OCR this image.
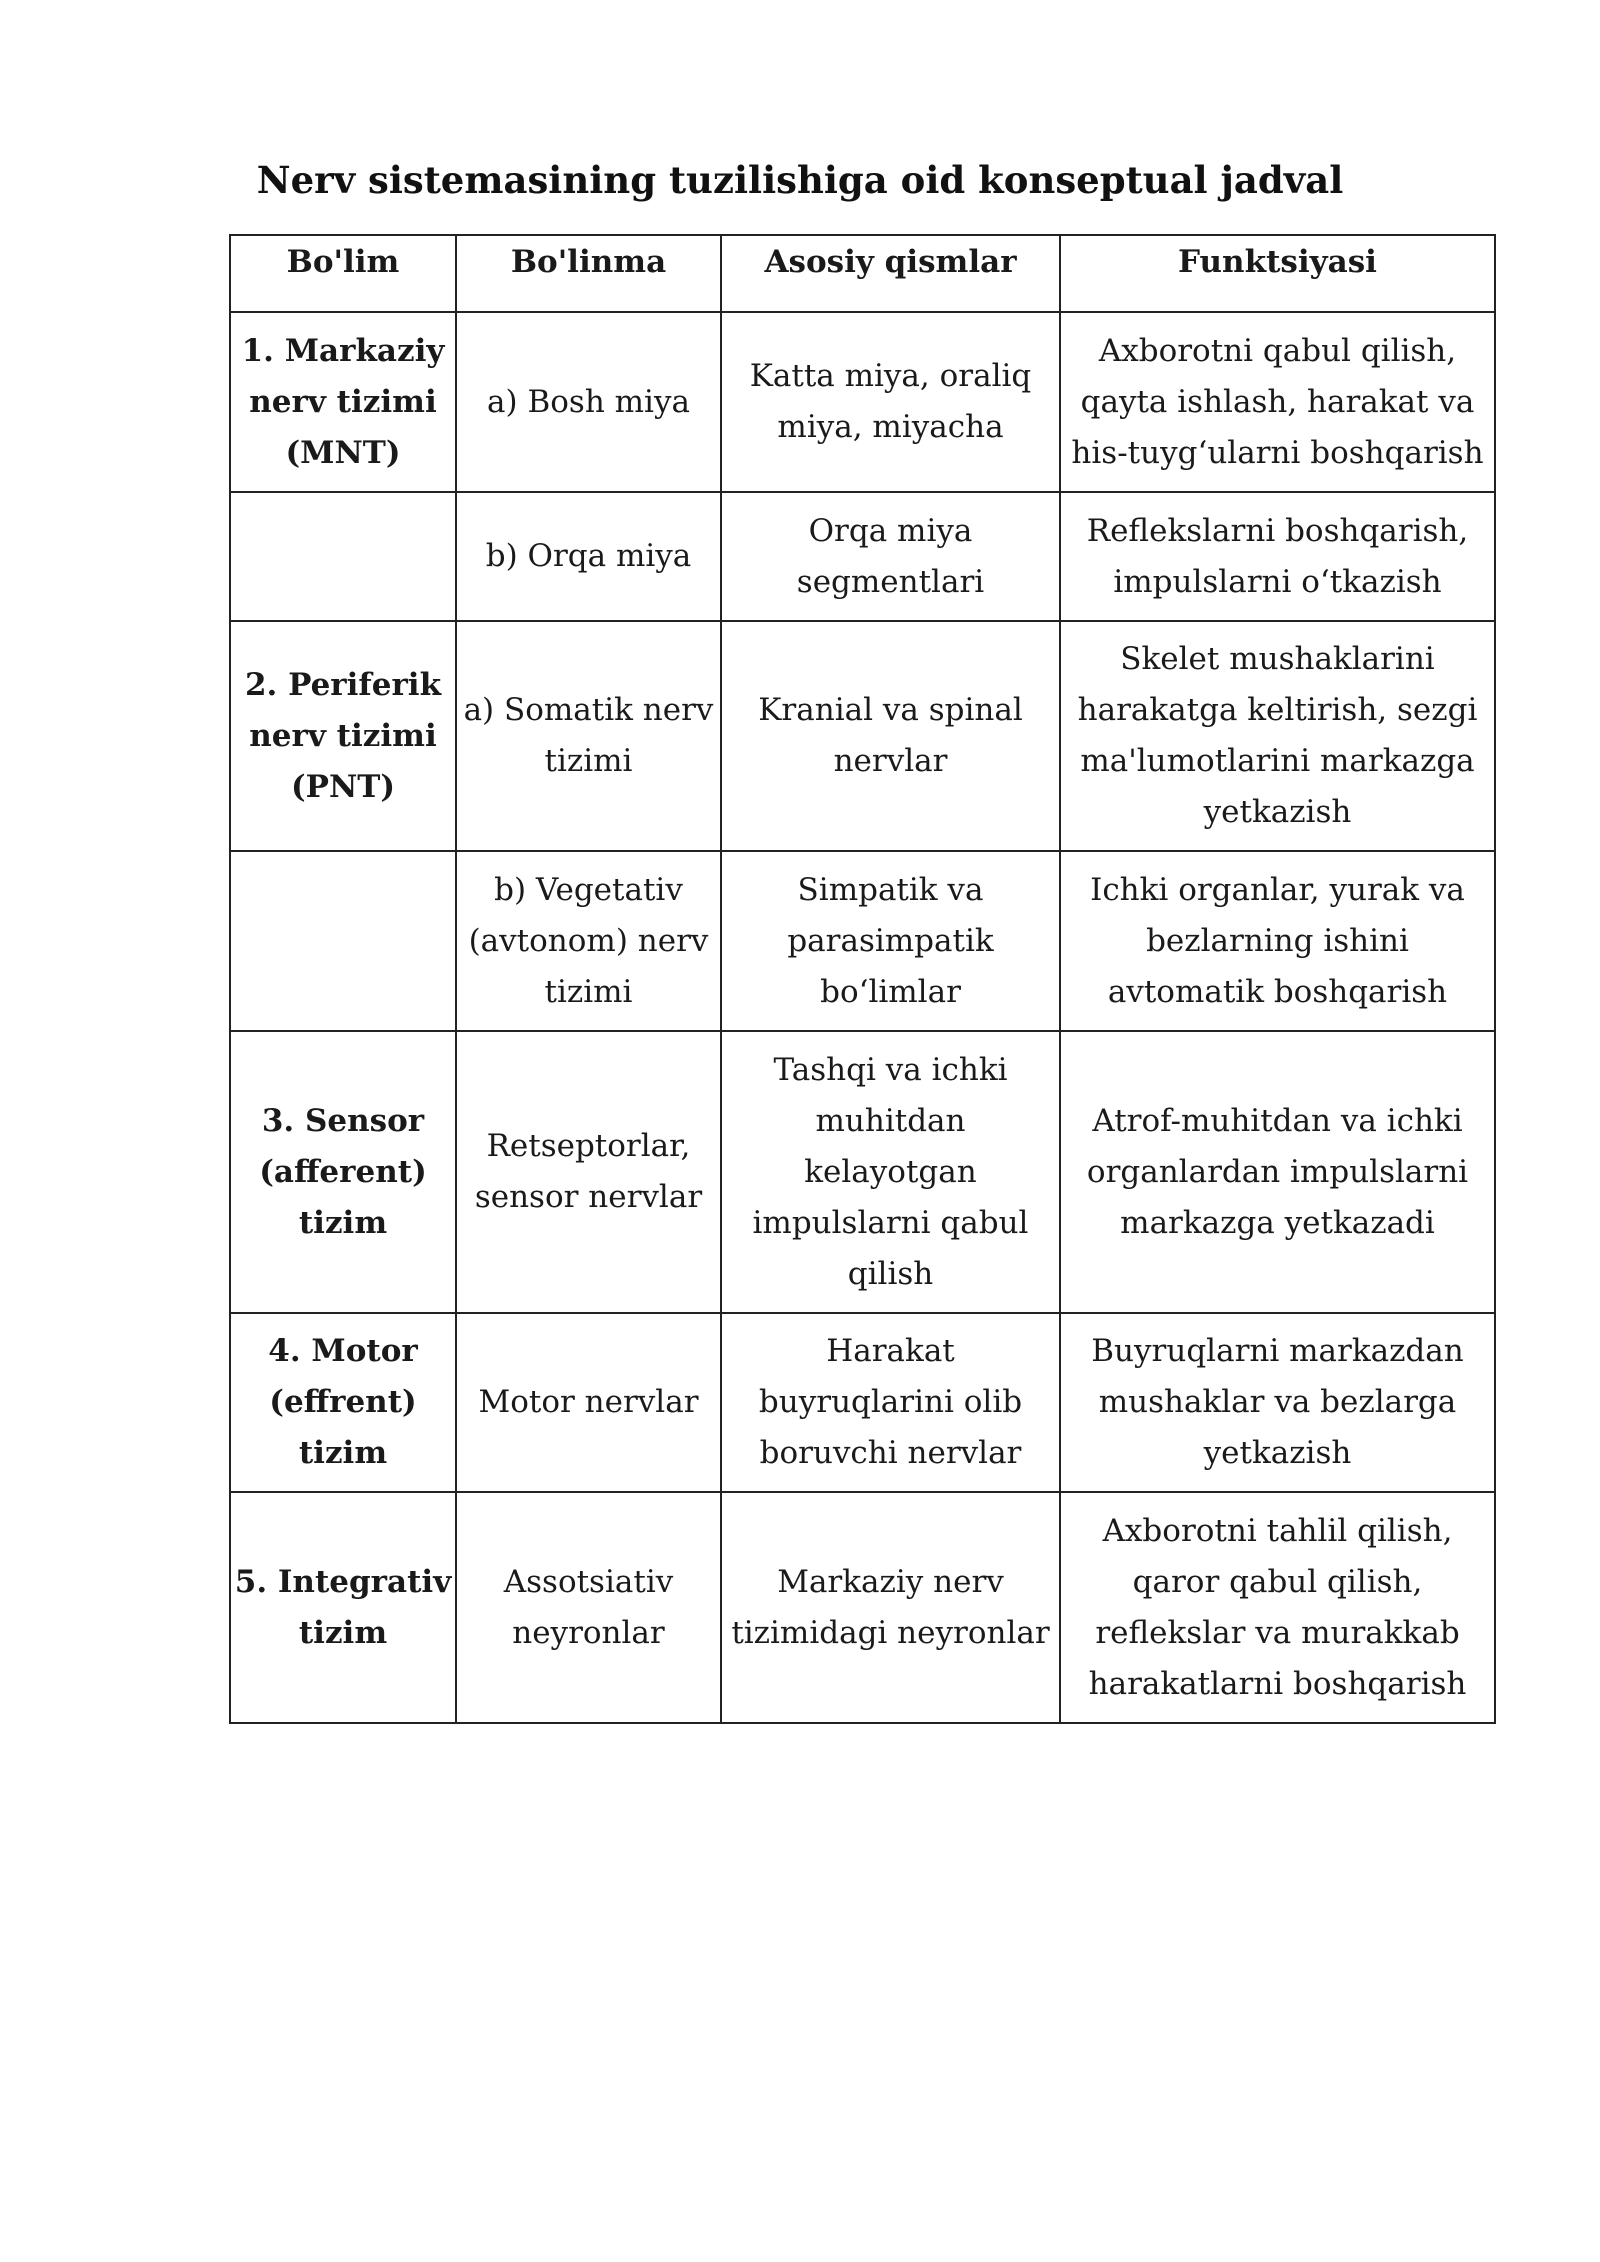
Nerv sistemasining tuzilishiga oid konseptual jadval
Bo'lim	Bo'linma	Asosiy qismlar	Funktsiyasi
1. Markaziy nerv tizimi (MNT)	a) Bosh miya	Katta miya, oraliq miya, miyacha	Axborotni qabul qilish, qayta ishlash, harakat va his-tuyg‘ularni boshqarish
	b) Orqa miya	Orqa miya segmentlari	Reflekslarni boshqarish, impulslarni o‘tkazish
2. Periferik nerv tizimi (PNT)	a) Somatik nerv tizimi	Kranial va spinal nervlar	Skelet mushaklarini harakatga keltirish, sezgi ma'lumotlarini markazga yetkazish
	b) Vegetativ (avtonom) nerv tizimi	Simpatik va parasimpatik bo‘limlar	Ichki organlar, yurak va bezlarning ishini avtomatik boshqarish
3. Sensor (afferent) tizim	Retseptorlar, sensor nervlar	Tashqi va ichki muhitdan kelayotgan impulslarni qabul qilish	Atrof-muhitdan va ichki organlardan impulslarni markazga yetkazadi
4. Motor (effrent) tizim	Motor nervlar	Harakat buyruqlarini olib boruvchi nervlar	Buyruqlarni markazdan mushaklar va bezlarga yetkazish
5. Integrativ tizim	Assotsiativ neyronlar	Markaziy nerv tizimidagi neyronlar	Axborotni tahlil qilish, qaror qabul qilish, reflekslar va murakkab harakatlarni boshqarish
